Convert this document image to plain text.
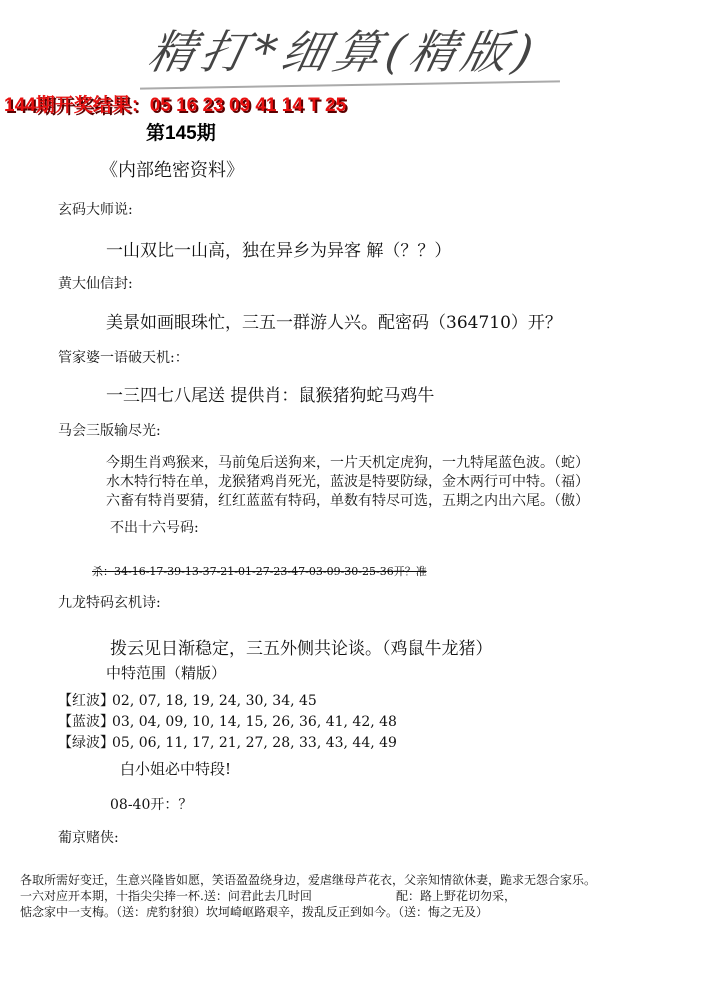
精打*细算(精版)
144期开奖结果：05 16 23 09 41 14 T 25
第145期
《内部绝密资料》
玄码大师说:
一山双比一山高，独在异乡为异客 解（？？）
黄大仙信封:
美景如画眼珠忙，三五一群游人兴。配密码（364710）开？
管家婆一语破天机:：
一三四七八尾送 提供肖：鼠猴猪狗蛇马鸡牛
马会三版输尽光:
今期生肖鸡猴来，马前兔后送狗来，一片天机定虎狗，一九特尾蓝色波。（蛇）
水木特行特在单，龙猴猪鸡肖死光，蓝波是特要防绿，金木两行可中特。（福）
六畜有特肖要猜，红红蓝蓝有特码，单数有特尽可选，五期之内出六尾。（傲）
不出十六号码:
杀：34-16-17-39-13-37-21-01-27-23-47-03-09-30-25-36开？准
九龙特码玄机诗:
拨云见日渐稳定，三五外侧共论谈。（鸡鼠牛龙猪）
中特范围（精版）
【红波】02, 07, 18, 19, 24, 30, 34, 45
【蓝波】03, 04, 09, 10, 14, 15, 26, 36, 41, 42, 48
【绿波】05, 06, 11, 17, 21, 27, 28, 33, 43, 44, 49
白小姐必中特段!
08-40开：？
葡京赌侠:
各取所需好变迁，生意兴隆皆如愿，笑语盈盈绕身边，爱虐继母芦花衣，父亲知情欲休妻，跪求无怨合家乐。
一六对应开本期，十指尖尖捧一杯.送：问君此去几时回	配：路上野花切勿采，
惦念家中一支梅。（送：虎豹豺狼）坎坷崎岖路艰辛，拨乱反正到如今。（送：悔之无及）
